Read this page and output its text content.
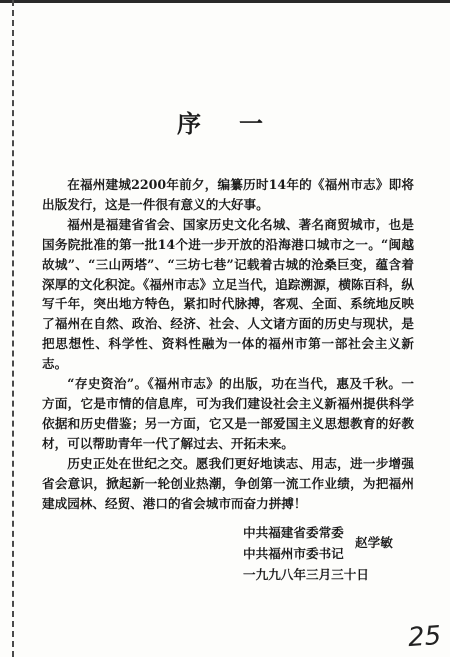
序一

在福州建城2200年前夕，编纂历时14年的《福州市志》即将出版发行，这是一件很有意义的大好事。

福州是福建省省会、国家历史文化名城、著名商贸城市，也是国务院批准的第一批14个进一步开放的沿海港口城市之一。“闽越故城”、“三山两塔”、“三坊七巷”记载着古城的沧桑巨变，蕴含着深厚的文化积淀。《福州市志》立足当代，追踪溯源，横陈百科，纵写千年，突出地方特色，紧扣时代脉搏，客观、全面、系统地反映了福州在自然、政治、经济、社会、人文诸方面的历史与现状，是把思想性、科学性、资料性融为一体的福州市第一部社会主义新志。

“存史资治”。《福州市志》的出版，功在当代，惠及千秋。一方面，它是市情的信息库，可为我们建设社会主义新福州提供科学依据和历史借鉴；另一方面，它又是一部爱国主义思想教育的好教材，可以帮助青年一代了解过去、开拓未来。

历史正处在世纪之交。愿我们更好地读志、用志，进一步增强省会意识，掀起新一轮创业热潮，争创第一流工作业绩，为把福州建成园林、经贸、港口的省会城市而奋力拼搏！

中共福建省委常委
中共福州市委书记
赵学敏
一九九八年三月三十日
25
